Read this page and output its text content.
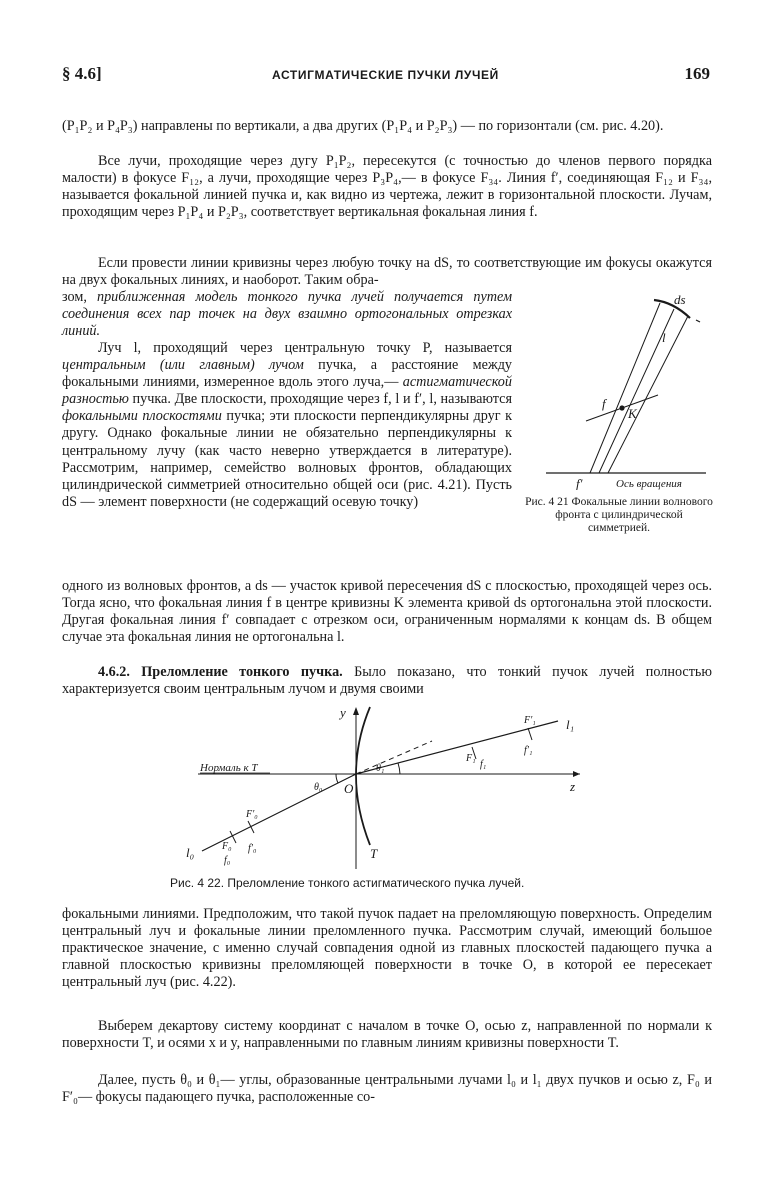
§ 4.6]	АСТИГМАТИЧЕСКИЕ ПУЧКИ ЛУЧЕЙ	169

(P₁P₂ и P₄P₃) направлены по вертикали, а два других (P₁P₄ и P₂P₃) — по горизонтали (см. рис. 4.20).

Все лучи, проходящие через дугу P₁P₂, пересекутся (с точностью до членов первого порядка малости) в фокусе F₁₂, а лучи, проходящие через P₃P₄,— в фокусе F₃₄. Линия f′, соединяющая F₁₂ и F₃₄, называется фокальной линией пучка и, как видно из чертежа, лежит в горизонтальной плоскости. Лучам, проходящим через P₁P₄ и P₂P₃, соответствует вертикальная фокальная линия f.

Если провести линии кривизны через любую точку на dS, то соответствующие им фокусы окажутся на двух фокальных линиях, и наоборот. Таким обра-

зом, приближенная модель тонкого пучка лучей получается путем соединения всех пар точек на двух взаимно ортогональных отрезках линий.

Луч l, проходящий через центральную точку P, называется центральным (или главным) лучом пучка, а расстояние между фокальными линиями, измеренное вдоль этого луча,— астигматической разностью пучка. Две плоскости, проходящие через f, l и f′, l, называются фокальными плоскостями пучка; эти плоскости перпендикулярны друг к другу. Однако фокальные линии не обязательно перпендикулярны к центральному лучу (как часто неверно утверждается в литературе). Рассмотрим, например, семейство волновых фронтов, обладающих цилиндрической симметрией относительно общей оси (рис. 4.21). Пусть dS — элемент поверхности (не содержащий осевую точку)

одного из волновых фронтов, а ds — участок кривой пересечения dS с плоскостью, проходящей через ось. Тогда ясно, что фокальная линия f в центре кривизны K элемента кривой ds ортогональна этой плоскости. Другая фокальная линия f′ совпадает с отрезком оси, ограниченным нормалями к концам ds. В общем случае эта фокальная линия не ортогональна l.

4.6.2. Преломление тонкого пучка. Было показано, что тонкий пучок лучей полностью характеризуется своим центральным лучом и двумя своими

ds
l
f
K
f′	Ось вращения

Рис. 4 21 Фокальные линии волнового фронта с цилиндрической симметрией.

y
z
O
T
Нормаль к T
θ₀
θ₁
l₀
l₁
F₀
f₀
F′₀
f′₀
F₁
f₁
F′₁
f′₁

Рис. 4 22. Преломление тонкого астигматического пучка лучей.

фокальными линиями. Предположим, что такой пучок падает на преломляющую поверхность. Определим центральный луч и фокальные линии преломленного пучка. Рассмотрим случай, имеющий большое практическое значение, с именно случай совпадения одной из главных плоскостей падающего пучка а главной плоскостью кривизны преломляющей поверхности в точке O, в которой ее пересекает центральный луч (рис. 4.22).

Выберем декартову систему координат с началом в точке O, осью z, направленной по нормали к поверхности T, и осями x и y, направленными по главным линиям кривизны поверхности T.

Далее, пусть θ₀ и θ₁— углы, образованные центральными лучами l₀ и l₁ двух пучков и осью z, F₀ и F′₀— фокусы падающего пучка, расположенные со-
